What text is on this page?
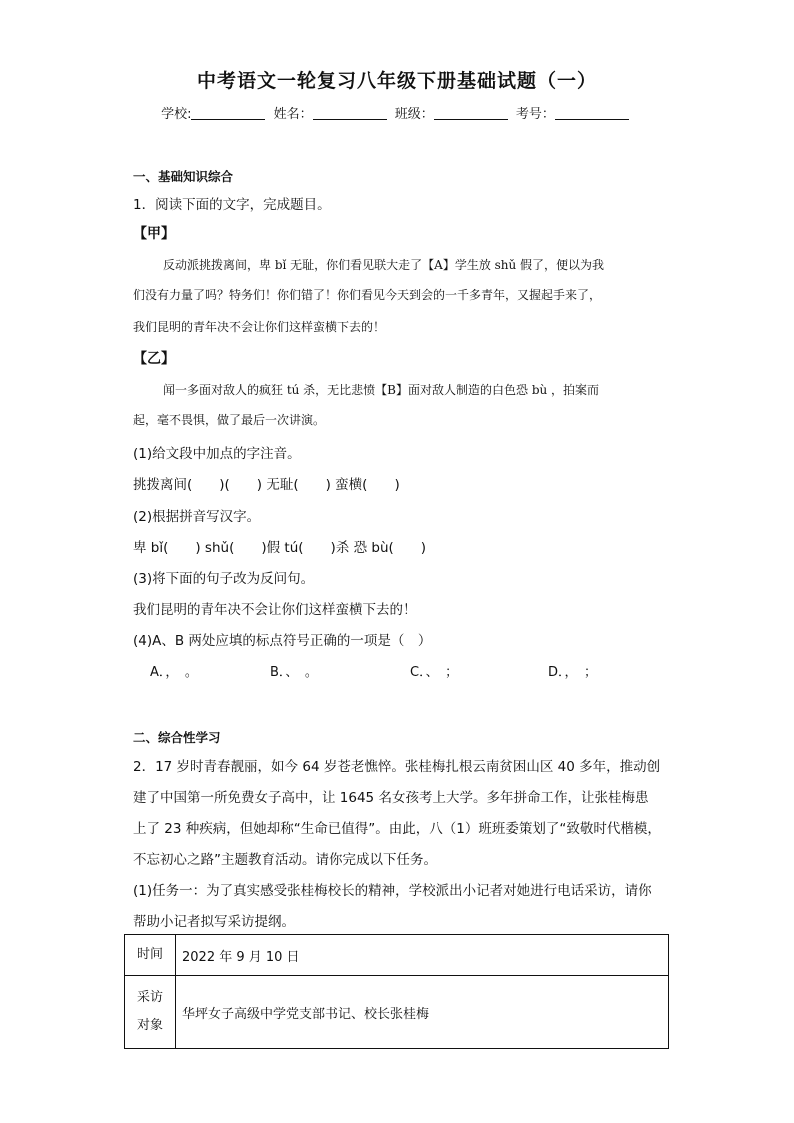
中考语文一轮复习八年级下册基础试题（一）
学校:	姓名：	班级：	考号：
一、基础知识综合
1．阅读下面的文字，完成题目。
【甲】
反动派挑拨离间，卑 bǐ 无耻，你们看见联大走了【A】学生放 shǔ 假了，便以为我
们没有力量了吗？特务们！你们错了！你们看见今天到会的一千多青年，又握起手来了，
我们昆明的青年决不会让你们这样蛮横下去的！
【乙】
闻一多面对敌人的疯狂 tú 杀，无比悲愤【B】面对敌人制造的白色恐 bù ，拍案而
起，毫不畏惧，做了最后一次讲演。
(1)给文段中加点的字注音。
挑拨离间(　　)(　　) 无耻(　　) 蛮横(　　)
(2)根据拼音写汉字。
卑 bǐ(　　) shǔ(　　)假 tú(　　)杀 恐 bù(　　)
(3)将下面的句子改为反问句。
我们昆明的青年决不会让你们这样蛮横下去的！
(4)A、B 两处应填的标点符号正确的一项是（　）
A．，　。	B．、　。	C．、　；	D．，　；
二、综合性学习
2．17 岁时青春靓丽，如今 64 岁苍老憔悴。张桂梅扎根云南贫困山区 40 多年，推动创
建了中国第一所免费女子高中，让 1645 名女孩考上大学。多年拼命工作，让张桂梅患
上了 23 种疾病，但她却称“生命已值得”。由此，八（1）班班委策划了“致敬时代楷模，
不忘初心之路”主题教育活动。请你完成以下任务。
(1)任务一：为了真实感受张桂梅校长的精神，学校派出小记者对她进行电话采访，请你
帮助小记者拟写采访提纲。
时间	2022 年 9 月 10 日

采访
对象	华坪女子高级中学党支部书记、校长张桂梅
